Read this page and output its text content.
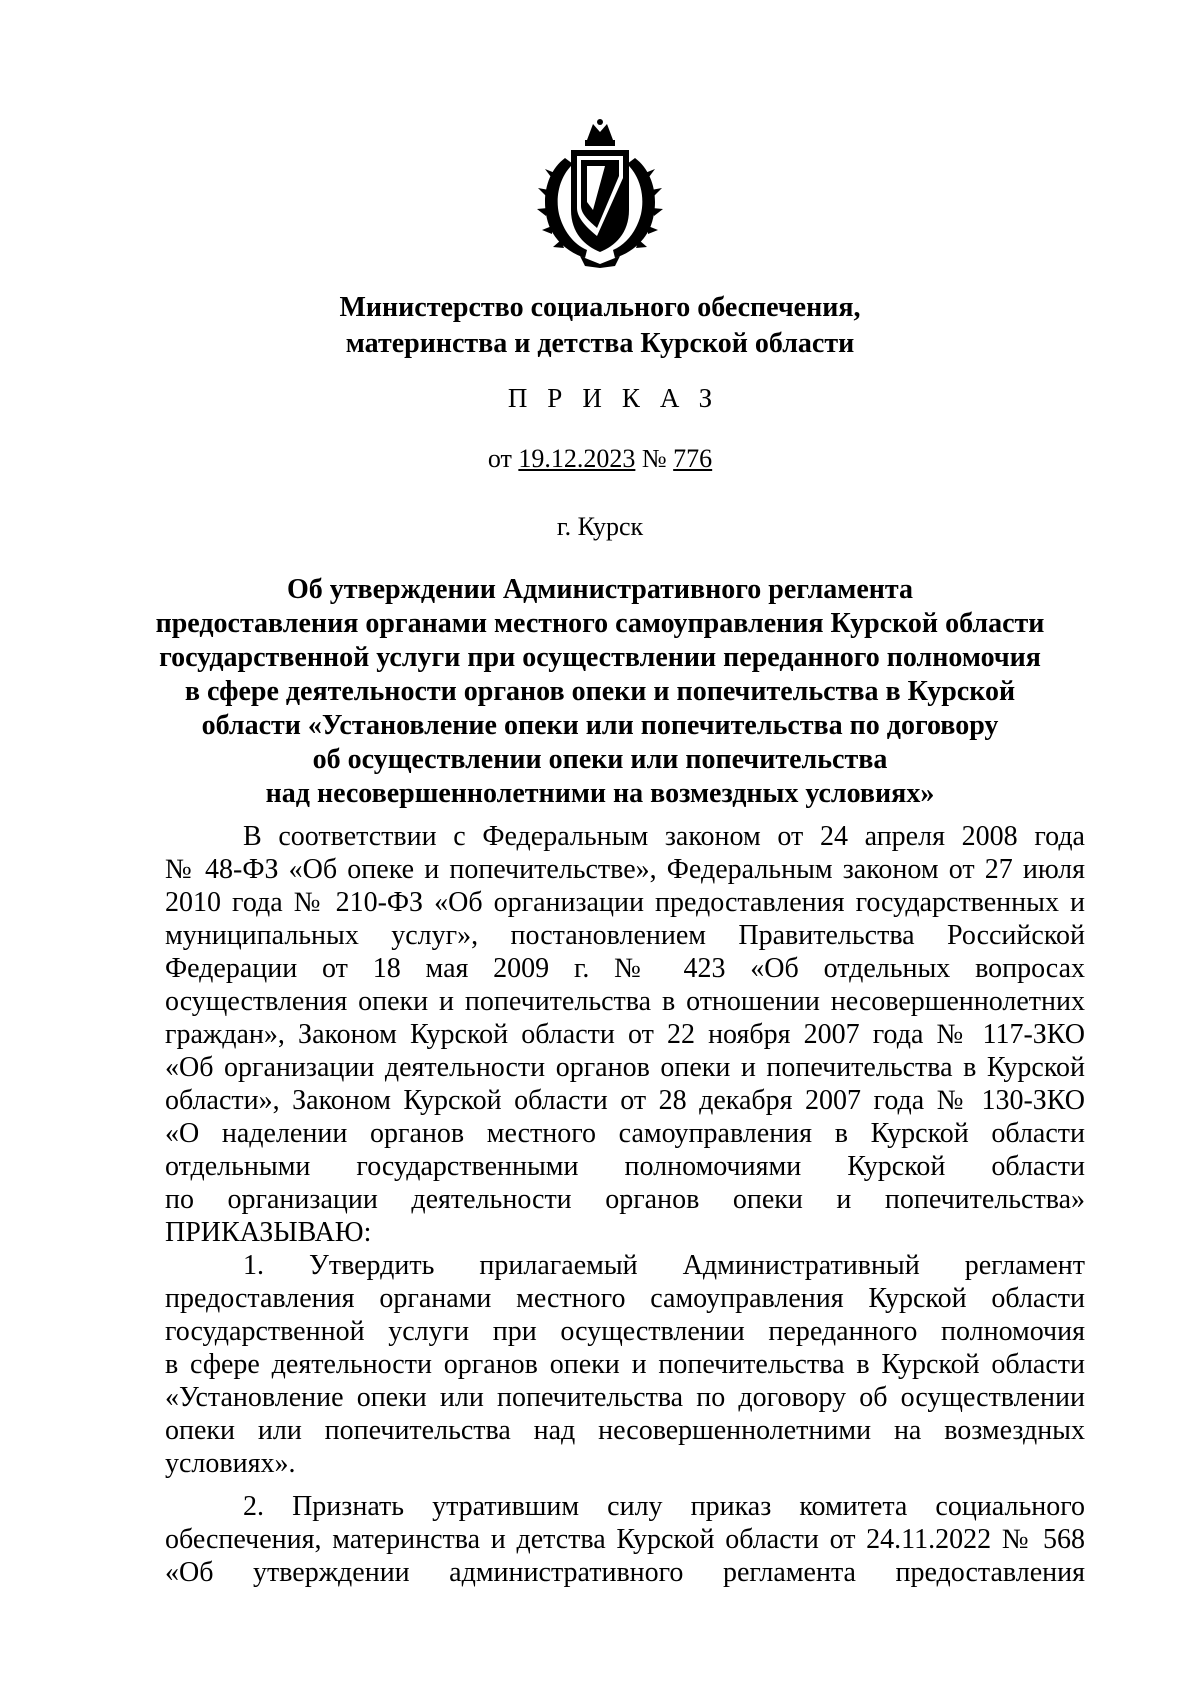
Министерство социального обеспечения,
материнства и детства Курской области
ПРИКАЗ
от 19.12.2023 № 776
г. Курск
Об утверждении Административного регламента
предоставления органами местного самоуправления Курской области
государственной услуги при осуществлении переданного полномочия
в сфере деятельности органов опеки и попечительства в Курской
области «Установление опеки или попечительства по договору
об осуществлении опеки или попечительства
над несовершеннолетними на возмездных условиях»
В соответствии с Федеральным законом от 24 апреля 2008 года
№ 48-ФЗ «Об опеке и попечительстве», Федеральным законом от 27 июля
2010 года № 210-ФЗ «Об организации предоставления государственных и
муниципальных услуг», постановлением Правительства Российской
Федерации от 18 мая 2009 г. № 423 «Об отдельных вопросах
осуществления опеки и попечительства в отношении несовершеннолетних
граждан», Законом Курской области от 22 ноября 2007 года № 117-ЗКО
«Об организации деятельности органов опеки и попечительства в Курской
области», Законом Курской области от 28 декабря 2007 года № 130-ЗКО
«О наделении органов местного самоуправления в Курской области
отдельными государственными полномочиями Курской области
по организации деятельности органов опеки и попечительства»
ПРИКАЗЫВАЮ:
1. Утвердить прилагаемый Административный регламент
предоставления органами местного самоуправления Курской области
государственной услуги при осуществлении переданного полномочия
в сфере деятельности органов опеки и попечительства в Курской области
«Установление опеки или попечительства по договору об осуществлении
опеки или попечительства над несовершеннолетними на возмездных
условиях».
2. Признать утратившим силу приказ комитета социального
обеспечения, материнства и детства Курской области от 24.11.2022 № 568
«Об утверждении административного регламента предоставления
